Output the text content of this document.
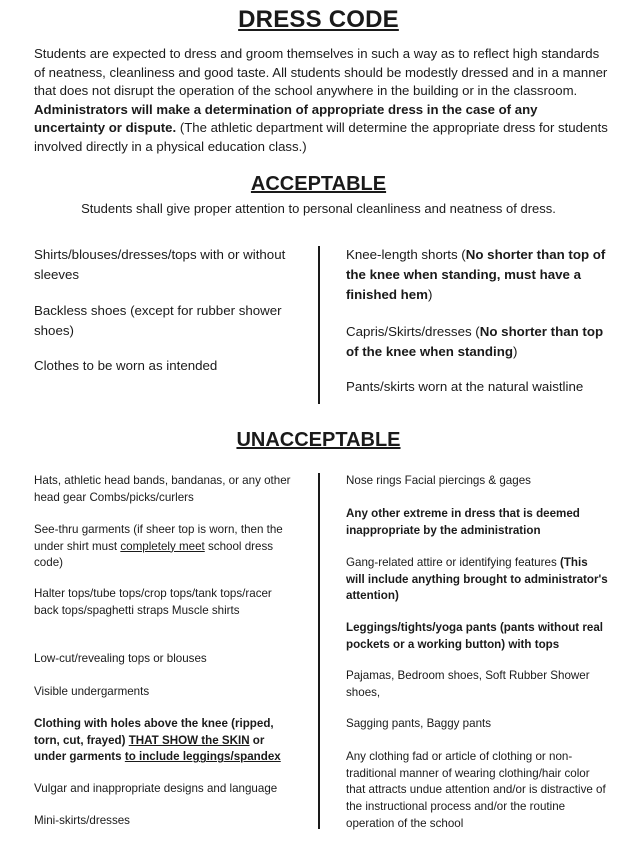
DRESS CODE

Students are expected to dress and groom themselves in such a way as to reflect high standards of neatness, cleanliness and good taste. All students should be modestly dressed and in a manner that does not disrupt the operation of the school anywhere in the building or in the classroom. Administrators will make a determination of appropriate dress in the case of any uncertainty or dispute. (The athletic department will determine the appropriate dress for students involved directly in a physical education class.)

ACCEPTABLE
Students shall give proper attention to personal cleanliness and neatness of dress.

Shirts/blouses/dresses/tops with or without sleeves

Backless shoes (except for rubber shower shoes)

Clothes to be worn as intended

Knee-length shorts (No shorter than top of the knee when standing, must have a finished hem)

Capris/Skirts/dresses (No shorter than top of the knee when standing)

Pants/skirts worn at the natural waistline

UNACCEPTABLE

Hats, athletic head bands, bandanas, or any other head gear Combs/picks/curlers

See-thru garments (if sheer top is worn, then the under shirt must completely meet school dress code)

Halter tops/tube tops/crop tops/tank tops/racer back tops/spaghetti straps Muscle shirts

Low-cut/revealing tops or blouses

Visible undergarments

Clothing with holes above the knee (ripped, torn, cut, frayed) THAT SHOW the SKIN or under garments to include leggings/spandex

Vulgar and inappropriate designs and language

Mini-skirts/dresses

Nose rings Facial piercings & gages

Any other extreme in dress that is deemed inappropriate by the administration

Gang-related attire or identifying features (This will include anything brought to administrator's attention)

Leggings/tights/yoga pants (pants without real pockets or a working button) with tops

Pajamas, Bedroom shoes, Soft Rubber Shower shoes,

Sagging pants, Baggy pants

Any clothing fad or article of clothing or non-traditional manner of wearing clothing/hair color that attracts undue attention and/or is distractive of the instructional process and/or the routine operation of the school
